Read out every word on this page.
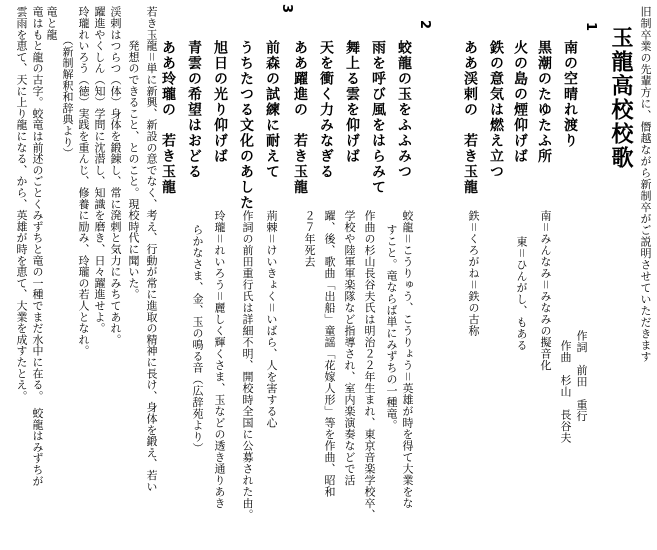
旧制卒業の先輩方に、僭越ながら新制卒がご説明させていただきます
玉龍高校校歌
1
南の空晴れ渡り
黒潮のたゆたふ所
火の島の煙仰げば
鉄の意気は燃え立つ
ああ渓剌の　若き玉龍
2
蛟龍の玉をふふみつ
雨を呼び風をはらみて
舞上る雲を仰げば
天を衝く力みなぎる
ああ躍進の　若き玉龍
3
前森の試練に耐えて
うちたつる文化のあした
旭日の光り仰げば
青雲の希望はおどる
ああ玲瓏の　若き玉龍
作詞　前田　重行
作曲　杉山　長谷夫
南＝みんなみ＝みなみの擬音化
東＝ひんがし、もある
鉄＝くろがね＝鉄の古称
蛟龍＝こうりゅう、こうりょう＝英雄が時を得て大業をな
すこと。竜ならば単にみずちの一種竜。
作曲の杉山長谷夫氏は明治２２年生まれ、東京音楽学校卒、
学校や陸軍軍楽隊など指導され、室内楽演奏などで活
躍、後、歌曲「出船」童謡「花嫁人形」等を作曲、昭和
２７年死去
荊棘＝けいきょく＝いばら、人を害する心
作詞の前田重行氏は詳細不明、開校時全国に公募された由。
玲瓏＝れいろう＝麗しく輝くさま、玉などの透き通りあき
らかなさま、金、玉の鳴る音（広辞苑より）
若き玉龍＝単に新興、新設の意でなく、考え、行動が常に進取の精神に長け、身体を鍛え、若い
　　　発想のできること、とのこと。現校時代に聞いた。
渓剌はつらつ（体）身体を鍛錬し、常に溌剌と気力にみちてあれ。
躍進やくしん（知）学問に沈潜し、知識を磨き、日々躍進せよ。
玲瓏れいろう（徳）実践を重んじ、修養に励み、玲瓏の若人となれ。
　　　（新制解釈和辞典より）
竜と龍
竜はもと龍の古字。蛟竜は前述のごとくみずちと竜の一種でまだ水中に在る。　蛟龍はみずちが
雲雨を恵て、天に上り龍になる、から、英雄が時を恵て、大業を成すたとえ。
